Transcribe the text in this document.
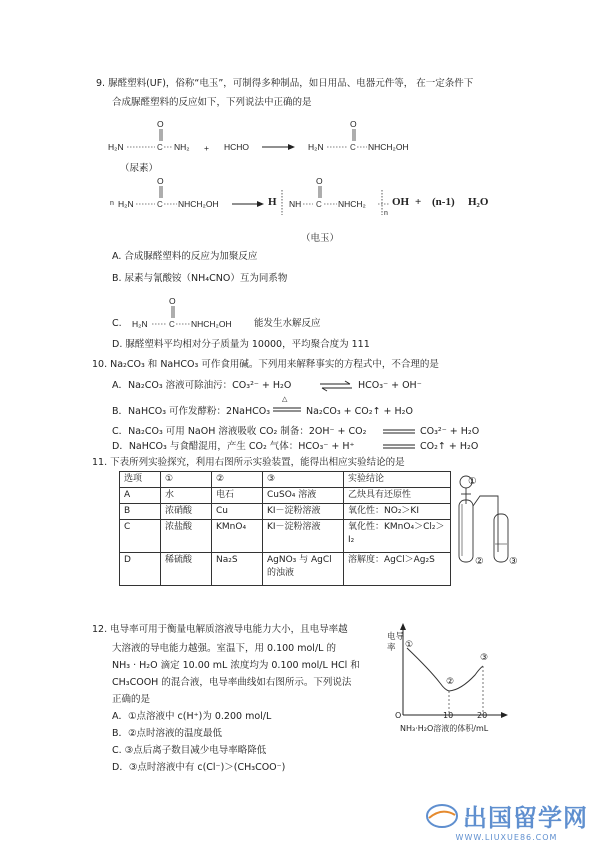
9. 脲醛塑料(UF)，俗称“电玉”，可制得多种制品，如日用品、电器元件等， 在一定条件下
合成脲醛塑料的反应如下，下列说法中正确的是
O
H₂N	NH₂ + HCHO
O
H₂N	NHCH₂OH
（尿素）
O
n H₂N	NHCH₂OH	H NH
O
NHCH₂
n
OH + (n-1) H₂O
（电玉）
C	C
C	C
C
A. 合成脲醛塑料的反应为加聚反应
B. 尿素与氰酸铵（NH₄CNO）互为同系物
C.
O
H₂N	NHCH₂OH 能发生水解反应
D. 脲醛塑料平均相对分子质量为 10000，平均聚合度为 111
10. Na₂CO₃ 和 NaHCO₃ 可作食用碱。下列用来解释事实的方程式中，不合理的是
A．Na₂CO₃ 溶液可除油污：CO₃²⁻ + H₂O	⇌ HCO₃⁻ + OH⁻
B．NaHCO₃ 可作发酵粉：2NaHCO₃
△
Na₂CO₃ + CO₂↑ + H₂O
C．Na₂CO₃ 可用 NaOH 溶液吸收 CO₂ 制备：2OH⁻ + CO₂	CO₃²⁻ + H₂O
D．NaHCO₃ 与食醋混用，产生 CO₂ 气体：HCO₃⁻ + H⁺	CO₂↑ + H₂O
11. 下表所列实验探究，利用右图所示实验装置，能得出相应实验结论的是
选项	①	②	③	实验结论
A	水	电石	CuSO₄ 溶液	乙炔具有还原性
B	浓硝酸	Cu	KI－淀粉溶液	氧化性：NO₂＞KI
C	浓盐酸	KMnO₄	KI－淀粉溶液	氧化性：KMnO₄＞Cl₂＞I₂
D	稀硫酸	Na₂S	AgNO₃ 与 AgCl 的浊液	溶解度：AgCl＞Ag₂S
①
②	③
12. 电导率可用于衡量电解质溶液导电能力大小，且电导率越
大溶液的导电能力越强。室温下，用 0.100 mol/L 的
NH₃ · H₂O 滴定 10.00 mL 浓度均为 0.100 mol/L HCl 和
CH₃COOH 的混合液，电导率曲线如右图所示。下列说法
正确的是
A．①点溶液中 c(H⁺)为 0.200 mol/L
B．②点时溶液的温度最低
C. ③点后离子数目减少电导率略降低
D．③点时溶液中有 c(Cl⁻)＞(CH₃COO⁻)
电导
率 ①
②
③
O	10	20
NH₃·H₂O溶液的体积/mL
出国留学网
WWW.LIUXUE86.COM
